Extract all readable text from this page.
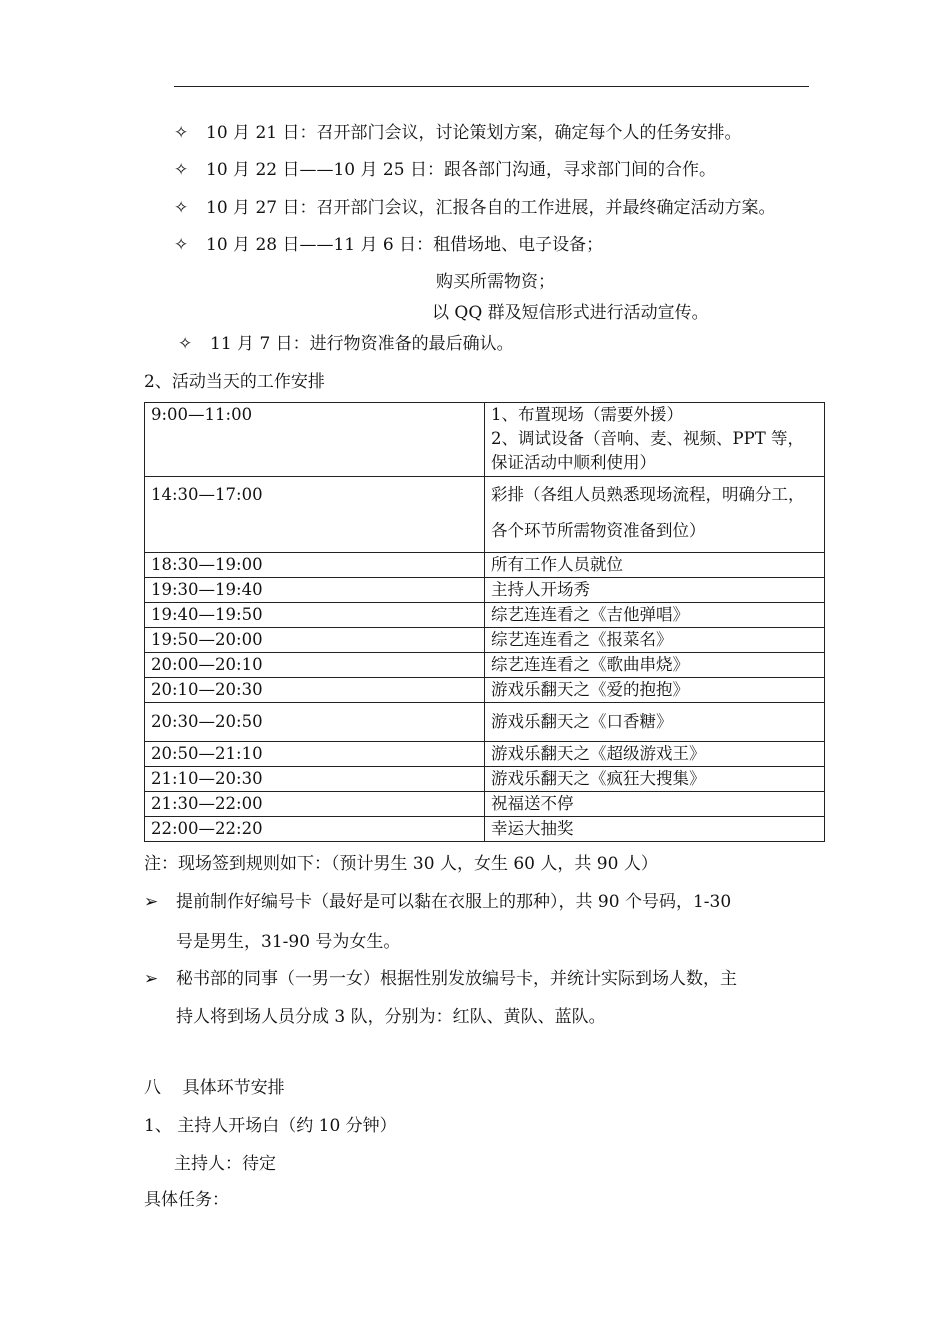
✧ 10 月 21 日：召开部门会议，讨论策划方案，确定每个人的任务安排。
✧ 10 月 22 日——10 月 25 日：跟各部门沟通，寻求部门间的合作。
✧ 10 月 27 日：召开部门会议，汇报各自的工作进展，并最终确定活动方案。
✧ 10 月 28 日——11 月 6 日：租借场地、电子设备；
购买所需物资；
以 QQ 群及短信形式进行活动宣传。
✧ 11 月 7 日：进行物资准备的最后确认。
2、活动当天的工作安排
9:00—11:00	1、布置现场（需要外援）
2、调试设备（音响、麦、视频、PPT 等，保证活动中顺利使用）

14:30—17:00	彩排（各组人员熟悉现场流程，明确分工，各个环节所需物资准备到位）
18:30—19:00	所有工作人员就位
19:30—19:40	主持人开场秀
19:40—19:50	综艺连连看之《吉他弹唱》
19:50—20:00	综艺连连看之《报菜名》
20:00—20:10	综艺连连看之《歌曲串烧》
20:10—20:30	游戏乐翻天之《爱的抱抱》
20:30—20:50	游戏乐翻天之《口香糖》
20:50—21:10	游戏乐翻天之《超级游戏王》
21:10—20:30	游戏乐翻天之《疯狂大搜集》
21:30—22:00	祝福送不停
22:00—22:20	幸运大抽奖
注：现场签到规则如下：（预计男生 30 人，女生 60 人，共 90 人）
➢ 提前制作好编号卡（最好是可以黏在衣服上的那种），共 90 个号码，1-30
号是男生，31-90 号为女生。
➢ 秘书部的同事（一男一女）根据性别发放编号卡，并统计实际到场人数，主
持人将到场人员分成 3 队，分别为：红队、黄队、蓝队。
八    具体环节安排
1、 主持人开场白（约 10 分钟）
主持人：待定
具体任务：
